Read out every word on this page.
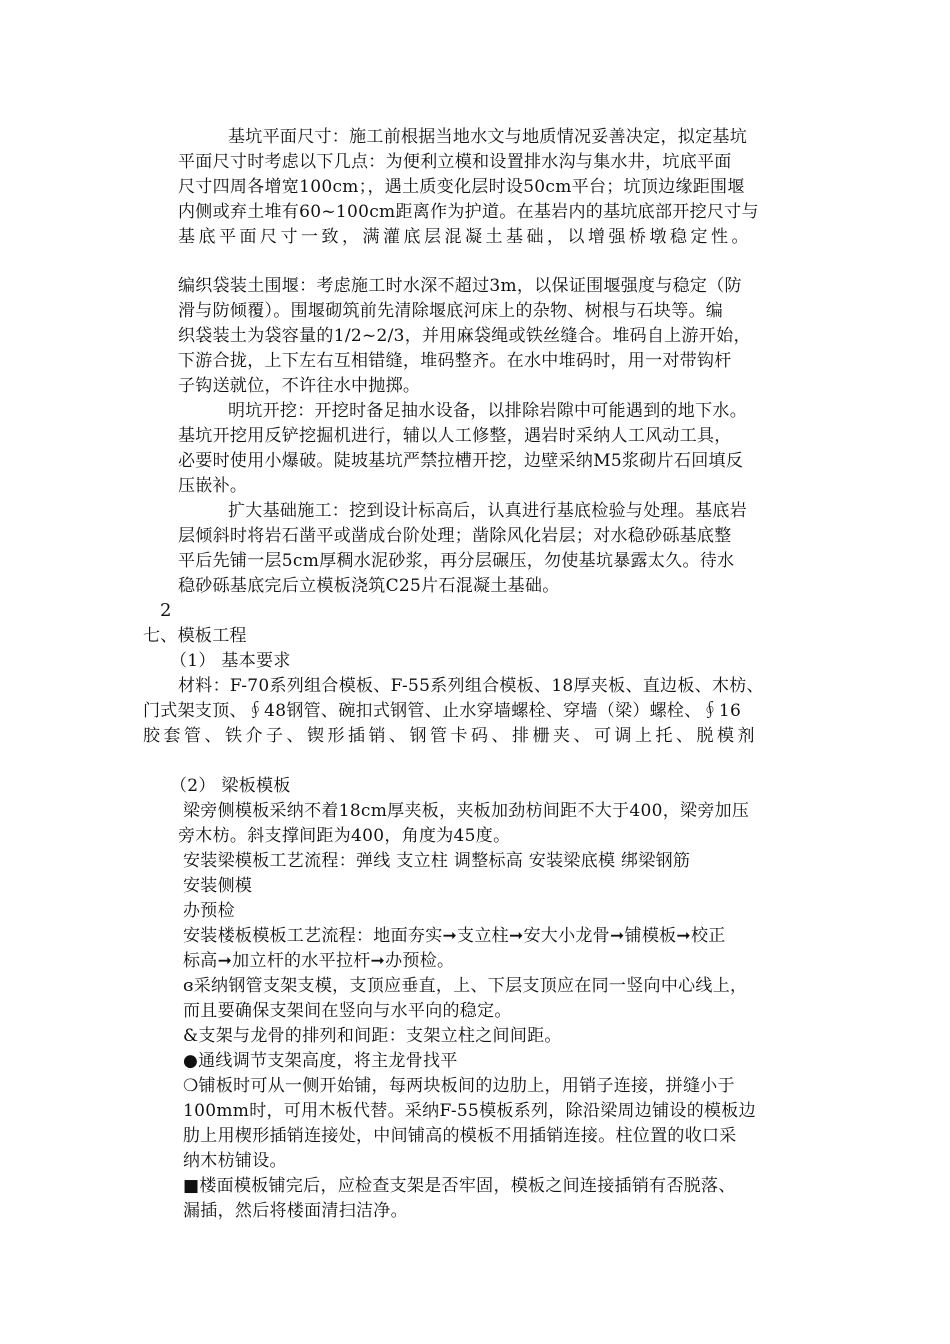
基坑平面尺寸：施工前根据当地水文与地质情况妥善决定，拟定基坑
平面尺寸时考虑以下几点：为便利立模和设置排水沟与集水井，坑底平面
尺寸四周各增宽100cm；，遇土质变化层时设50cm平台；坑顶边缘距围堰
内侧或弃土堆有60~100cm距离作为护道。在基岩内的基坑底部开挖尺寸与
基底平面尺寸一致，满灌底层混凝土基础，以增强桥墩稳定性。
编织袋装土围堰：考虑施工时水深不超过3m，以保证围堰强度与稳定（防
滑与防倾覆）。围堰砌筑前先清除堰底河床上的杂物、树根与石块等。编
织袋装土为袋容量的1/2~2/3，并用麻袋绳或铁丝缝合。堆码自上游开始，
下游合拢，上下左右互相错缝，堆码整齐。在水中堆码时，用一对带钩杆
子钩送就位，不许往水中抛掷。
明坑开挖：开挖时备足抽水设备，以排除岩隙中可能遇到的地下水。
基坑开挖用反铲挖掘机进行，辅以人工修整，遇岩时采纳人工风动工具，
必要时使用小爆破。陡坡基坑严禁拉槽开挖，边壁采纳M5浆砌片石回填反
压嵌补。
扩大基础施工：挖到设计标高后，认真进行基底检验与处理。基底岩
层倾斜时将岩石凿平或凿成台阶处理；凿除风化岩层；对水稳砂砾基底整
平后先铺一层5cm厚稠水泥砂浆，再分层碾压，勿使基坑暴露太久。待水
稳砂砾基底完后立模板浇筑C25片石混凝土基础。
2
七、模板工程
（1） 基本要求
材料：F-70系列组合模板、F-55系列组合模板、18厚夹板、直边板、木枋、
门式架支顶、∮48钢管、碗扣式钢管、止水穿墙螺栓、穿墙（梁）螺栓、∮16
胶套管、铁介子、锲形插销、钢管卡码、排栅夹、可调上托、脱模剂
（2） 梁板模板
梁旁侧模板采纳不着18cm厚夹板，夹板加劲枋间距不大于400，梁旁加压
旁木枋。斜支撑间距为400，角度为45度。
安装梁模板工艺流程：弹线 支立柱 调整标高 安装梁底模 绑梁钢筋
安装侧模
办预检
安装楼板模板工艺流程：地面夯实➞支立柱➞安大小龙骨➞铺模板➞校正
标高➞加立杆的水平拉杆➞办预检。
ɞ采纳钢管支架支模，支顶应垂直，上、下层支顶应在同一竖向中心线上，
而且要确保支架间在竖向与水平向的稳定。
&支架与龙骨的排列和间距：支架立柱之间间距。
●通线调节支架高度，将主龙骨找平
❍铺板时可从一侧开始铺，每两块板间的边肋上，用销子连接，拼缝小于
100mm时，可用木板代替。采纳F-55模板系列，除沿梁周边铺设的模板边
肋上用楔形插销连接处，中间铺高的模板不用插销连接。柱位置的收口采
纳木枋铺设。
■楼面模板铺完后，应检查支架是否牢固，模板之间连接插销有否脱落、
漏插，然后将楼面清扫洁净。
